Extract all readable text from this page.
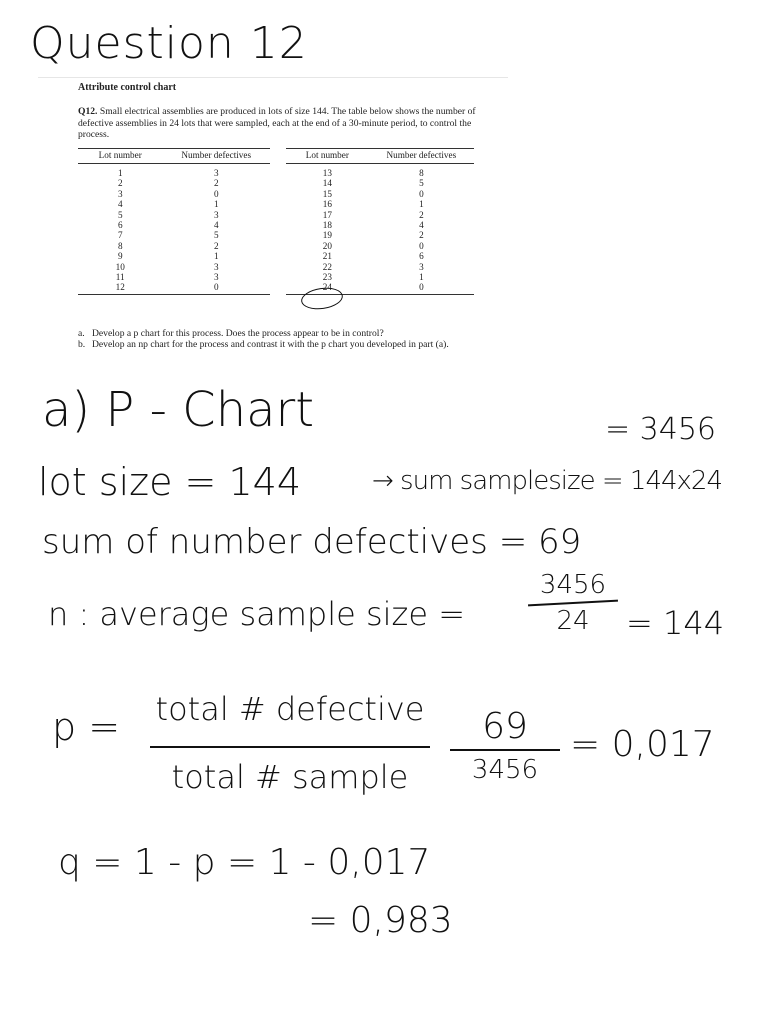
Question 12
Attribute control chart
Q12. Small electrical assemblies are produced in lots of size 144. The table below shows the number of defective assemblies in 24 lots that were sampled, each at the end of a 30-minute period, to control the process.
Lot number	Number defectives
1	3
2	2
3	0
4	1
5	3
6	4
7	5
8	2
9	1
10	3
11	3
12	0
Lot number	Number defectives
13	8
14	5
15	0
16	1
17	2
18	4
19	2
20	0
21	6
22	3
23	1
24	0
a. Develop a p chart for this process. Does the process appear to be in control?
b. Develop an np chart for the process and contrast it with the p chart you developed in part (a).
a) P - Chart	= 3456
lot size = 144	→ sum samplesize = 144x24
sum of number defectives = 69
n : average sample size =
3456
24	= 144
p = total # defective
total # sample
69
3456
= 0,017
q = 1 - p = 1 - 0,017
= 0,983
